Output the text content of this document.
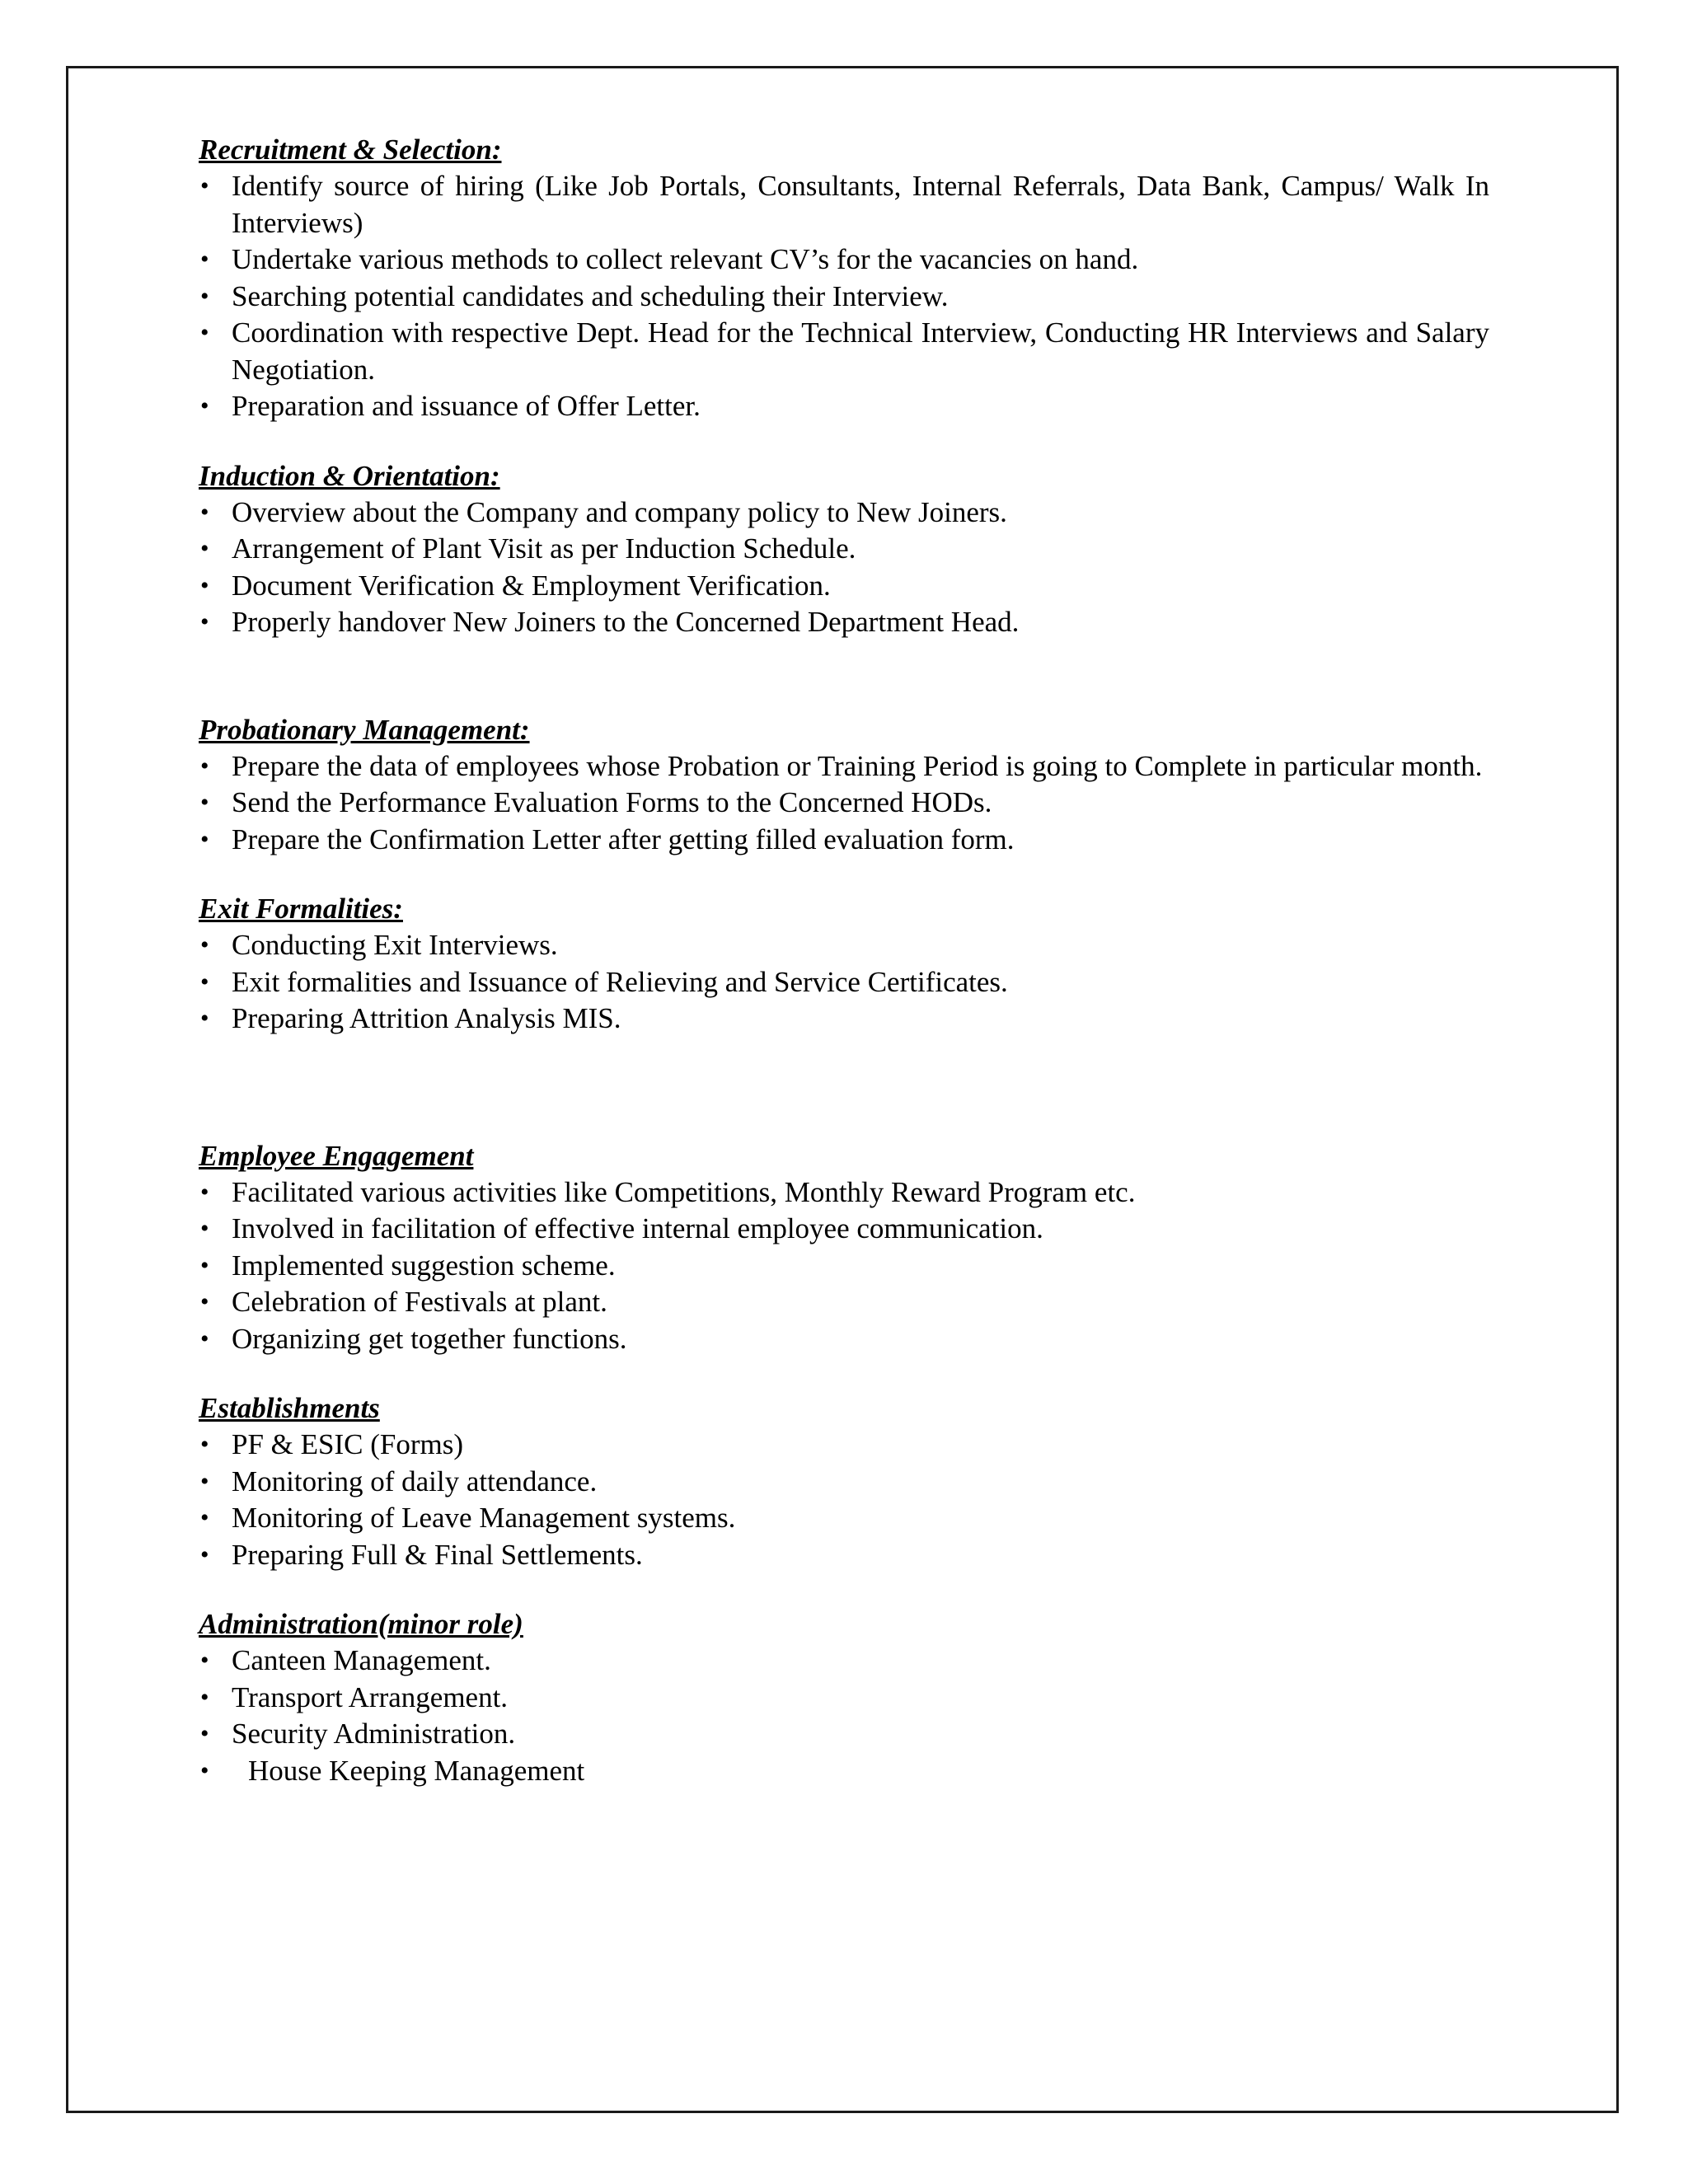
Recruitment & Selection:

• Identify source of hiring (Like Job Portals, Consultants, Internal Referrals, Data Bank, Campus/ Walk In Interviews)
• Undertake various methods to collect relevant CV’s for the vacancies on hand.
• Searching potential candidates and scheduling their Interview.
• Coordination with respective Dept. Head for the Technical Interview, Conducting HR Interviews and Salary Negotiation.
• Preparation and issuance of Offer Letter.

Induction & Orientation:

• Overview about the Company and company policy to New Joiners.
• Arrangement of Plant Visit as per Induction Schedule.
• Document Verification & Employment Verification.
• Properly handover New Joiners to the Concerned Department Head.

Probationary Management:

• Prepare the data of employees whose Probation or Training Period is going to Complete in particular month.
• Send the Performance Evaluation Forms to the Concerned HODs.
• Prepare the Confirmation Letter after getting filled evaluation form.

Exit Formalities:

• Conducting Exit Interviews.
• Exit formalities and Issuance of Relieving and Service Certificates.
• Preparing Attrition Analysis MIS.

Employee Engagement

• Facilitated various activities like Competitions, Monthly Reward Program etc.
• Involved in facilitation of effective internal employee communication.
• Implemented suggestion scheme.
• Celebration of Festivals at plant.
• Organizing get together functions.

Establishments

• PF & ESIC (Forms)
• Monitoring of daily attendance.
• Monitoring of Leave Management systems.
• Preparing Full & Final Settlements.

Administration(minor role)

• Canteen Management.
• Transport Arrangement.
• Security Administration.
• House Keeping Management
